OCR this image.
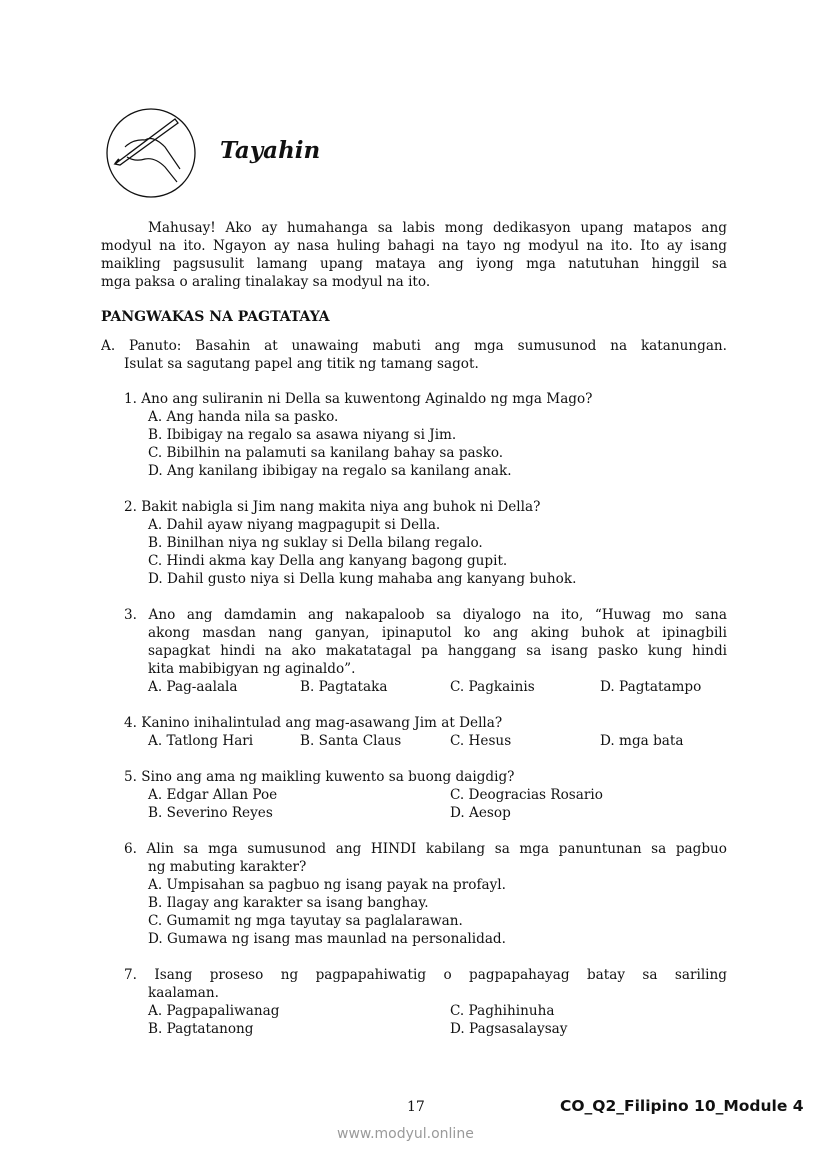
Tayahin
Mahusay! Ako ay humahanga sa labis mong dedikasyon upang matapos ang
modyul na ito. Ngayon ay nasa huling bahagi na tayo ng modyul na ito. Ito ay isang
maikling pagsusulit lamang upang mataya ang iyong mga natutuhan hinggil sa
mga paksa o araling tinalakay sa modyul na ito.
PANGWAKAS NA PAGTATAYA
A. Panuto: Basahin at unawaing mabuti ang mga sumusunod na katanungan.
Isulat sa sagutang papel ang titik ng tamang sagot.
1. Ano ang suliranin ni Della sa kuwentong Aginaldo ng mga Mago?
A. Ang handa nila sa pasko.
B. Ibibigay na regalo sa asawa niyang si Jim.
C. Bibilhin na palamuti sa kanilang bahay sa pasko.
D. Ang kanilang ibibigay na regalo sa kanilang anak.
2. Bakit nabigla si Jim nang makita niya ang buhok ni Della?
A. Dahil ayaw niyang magpagupit si Della.
B. Binilhan niya ng suklay si Della bilang regalo.
C. Hindi akma kay Della ang kanyang bagong gupit.
D. Dahil gusto niya si Della kung mahaba ang kanyang buhok.
3. Ano ang damdamin ang nakapaloob sa diyalogo na ito, “Huwag mo sana
akong masdan nang ganyan, ipinaputol ko ang aking buhok at ipinagbili
sapagkat hindi na ako makatatagal pa hanggang sa isang pasko kung hindi
kita mabibigyan ng aginaldo”.
A. Pag-aalala	B. Pagtataka	C. Pagkainis	D. Pagtatampo
4. Kanino inihalintulad ang mag-asawang Jim at Della?
A. Tatlong Hari	B. Santa Claus	C. Hesus	D. mga bata
5. Sino ang ama ng maikling kuwento sa buong daigdig?
A. Edgar Allan Poe	C. Deogracias Rosario
B. Severino Reyes	D. Aesop
6. Alin sa mga sumusunod ang HINDI kabilang sa mga panuntunan sa pagbuo
ng mabuting karakter?
A. Umpisahan sa pagbuo ng isang payak na profayl.
B. Ilagay ang karakter sa isang banghay.
C. Gumamit ng mga tayutay sa paglalarawan.
D. Gumawa ng isang mas maunlad na personalidad.
7. Isang proseso ng pagpapahiwatig o pagpapahayag batay sa sariling
kaalaman.
A. Pagpapaliwanag	C. Paghihinuha
B. Pagtatanong	D. Pagsasalaysay
17	CO_Q2_Filipino 10_Module 4
www.modyul.online
